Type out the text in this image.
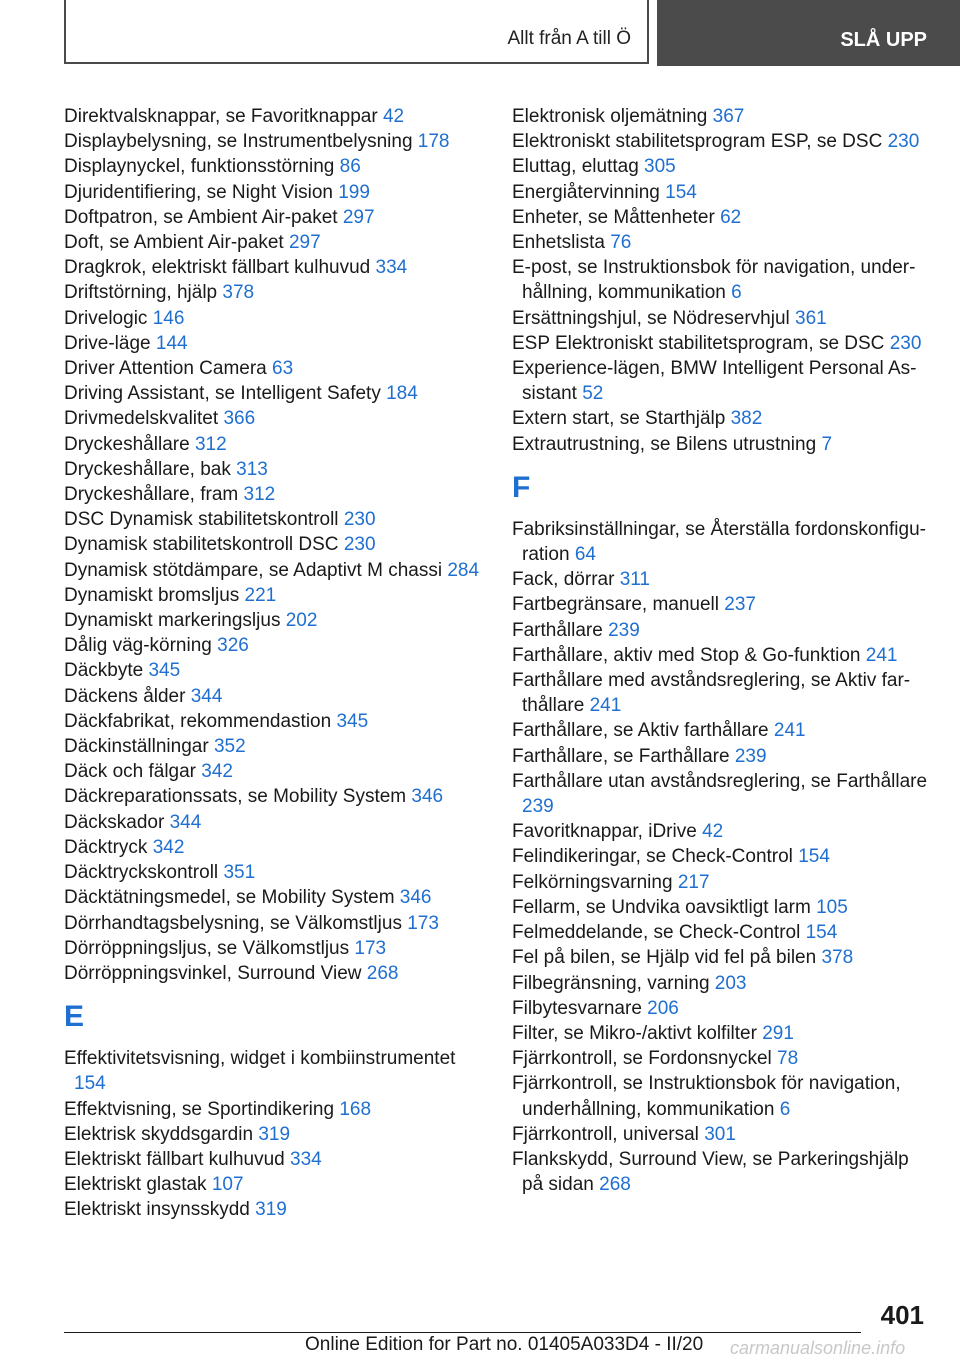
Allt från A till Ö	SLÅ UPP
Direktvalsknappar, se Favoritknappar 42
Displaybelysning, se Instrumentbelysning 178
Displaynyckel, funktionsstörning 86
Djuridentifiering, se Night Vision 199
Doftpatron, se Ambient Air-paket 297
Doft, se Ambient Air-paket 297
Dragkrok, elektriskt fällbart kulhuvud 334
Driftstörning, hjälp 378
Drivelogic 146
Drive-läge 144
Driver Attention Camera 63
Driving Assistant, se Intelligent Safety 184
Drivmedelskvalitet 366
Dryckeshållare 312
Dryckeshållare, bak 313
Dryckeshållare, fram 312
DSC Dynamisk stabilitetskontroll 230
Dynamisk stabilitetskontroll DSC 230
Dynamisk stötdämpare, se Adaptivt M chassi 284
Dynamiskt bromsljus 221
Dynamiskt markeringsljus 202
Dålig väg-körning 326
Däckbyte 345
Däckens ålder 344
Däckfabrikat, rekommendastion 345
Däckinställningar 352
Däck och fälgar 342
Däckreparationssats, se Mobility System 346
Däckskador 344
Däcktryck 342
Däcktryckskontroll 351
Däcktätningsmedel, se Mobility System 346
Dörrhandtagsbelysning, se Välkomstljus 173
Dörröppningsljus, se Välkomstljus 173
Dörröppningsvinkel, Surround View 268
E
Effektivitetsvisning, widget i kombiinstrumentet 154
Effektvisning, se Sportindikering 168
Elektrisk skyddsgardin 319
Elektriskt fällbart kulhuvud 334
Elektriskt glastak 107
Elektriskt insynsskydd 319
Elektronisk oljemätning 367
Elektroniskt stabilitetsprogram ESP, se DSC 230
Eluttag, eluttag 305
Energiåtervinning 154
Enheter, se Måttenheter 62
Enhetslista 76
E-post, se Instruktionsbok för navigation, underhållning, kommunikation 6
Ersättningshjul, se Nödreservhjul 361
ESP Elektroniskt stabilitetsprogram, se DSC 230
Experience-lägen, BMW Intelligent Personal Assistant 52
Extern start, se Starthjälp 382
Extrautrustning, se Bilens utrustning 7
F
Fabriksinställningar, se Återställa fordonskonfiguration 64
Fack, dörrar 311
Fartbegränsare, manuell 237
Farthållare 239
Farthållare, aktiv med Stop & Go-funktion 241
Farthållare med avståndsreglering, se Aktiv farthållare 241
Farthållare, se Aktiv farthållare 241
Farthållare, se Farthållare 239
Farthållare utan avståndsreglering, se Farthållare 239
Favoritknappar, iDrive 42
Felindikeringar, se Check-Control 154
Felkörningsvarning 217
Fellarm, se Undvika oavsiktligt larm 105
Felmeddelande, se Check-Control 154
Fel på bilen, se Hjälp vid fel på bilen 378
Filbegränsning, varning 203
Filbytesvarnare 206
Filter, se Mikro-/aktivt kolfilter 291
Fjärrkontroll, se Fordonsnyckel 78
Fjärrkontroll, se Instruktionsbok för navigation, underhållning, kommunikation 6
Fjärrkontroll, universal 301
Flankskydd, Surround View, se Parkeringshjälp på sidan 268
401
Online Edition for Part no. 01405A033D4 - II/20 carmanualsonline.info
